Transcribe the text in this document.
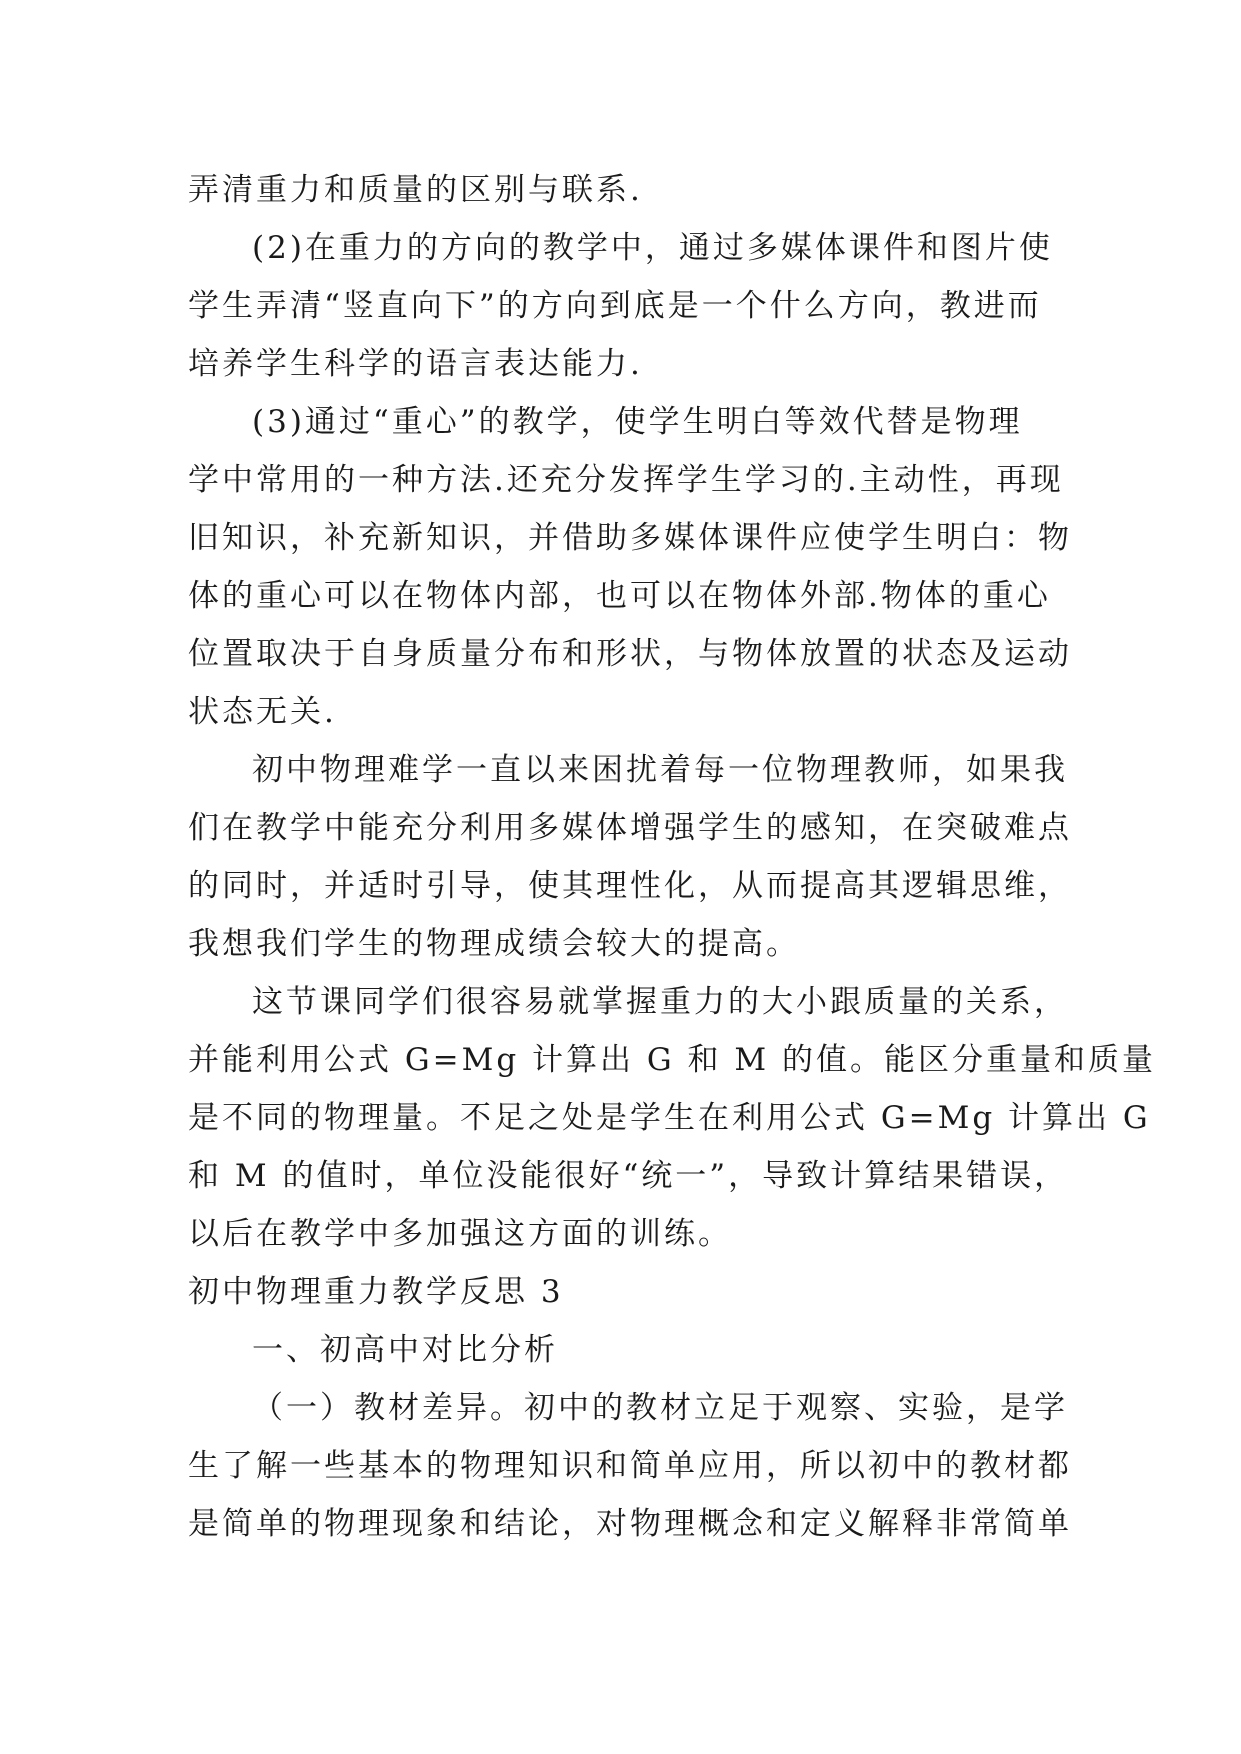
弄清重力和质量的区别与联系.
(2)在重力的方向的教学中，通过多媒体课件和图片使
学生弄清“竖直向下”的方向到底是一个什么方向，教进而
培养学生科学的语言表达能力.
(3)通过“重心”的教学，使学生明白等效代替是物理
学中常用的一种方法.还充分发挥学生学习的.主动性，再现
旧知识，补充新知识，并借助多媒体课件应使学生明白：物
体的重心可以在物体内部，也可以在物体外部.物体的重心
位置取决于自身质量分布和形状，与物体放置的状态及运动
状态无关.
初中物理难学一直以来困扰着每一位物理教师，如果我
们在教学中能充分利用多媒体增强学生的感知，在突破难点
的同时，并适时引导，使其理性化，从而提高其逻辑思维，
我想我们学生的物理成绩会较大的提高。
这节课同学们很容易就掌握重力的大小跟质量的关系，
并能利用公式 G=Mg 计算出 G 和 M 的值。能区分重量和质量
是不同的物理量。不足之处是学生在利用公式 G=Mg 计算出 G
和 M 的值时，单位没能很好“统一”，导致计算结果错误，
以后在教学中多加强这方面的训练。
初中物理重力教学反思 3
一、初高中对比分析
（一）教材差异。初中的教材立足于观察、实验，是学
生了解一些基本的物理知识和简单应用，所以初中的教材都
是简单的物理现象和结论，对物理概念和定义解释非常简单
